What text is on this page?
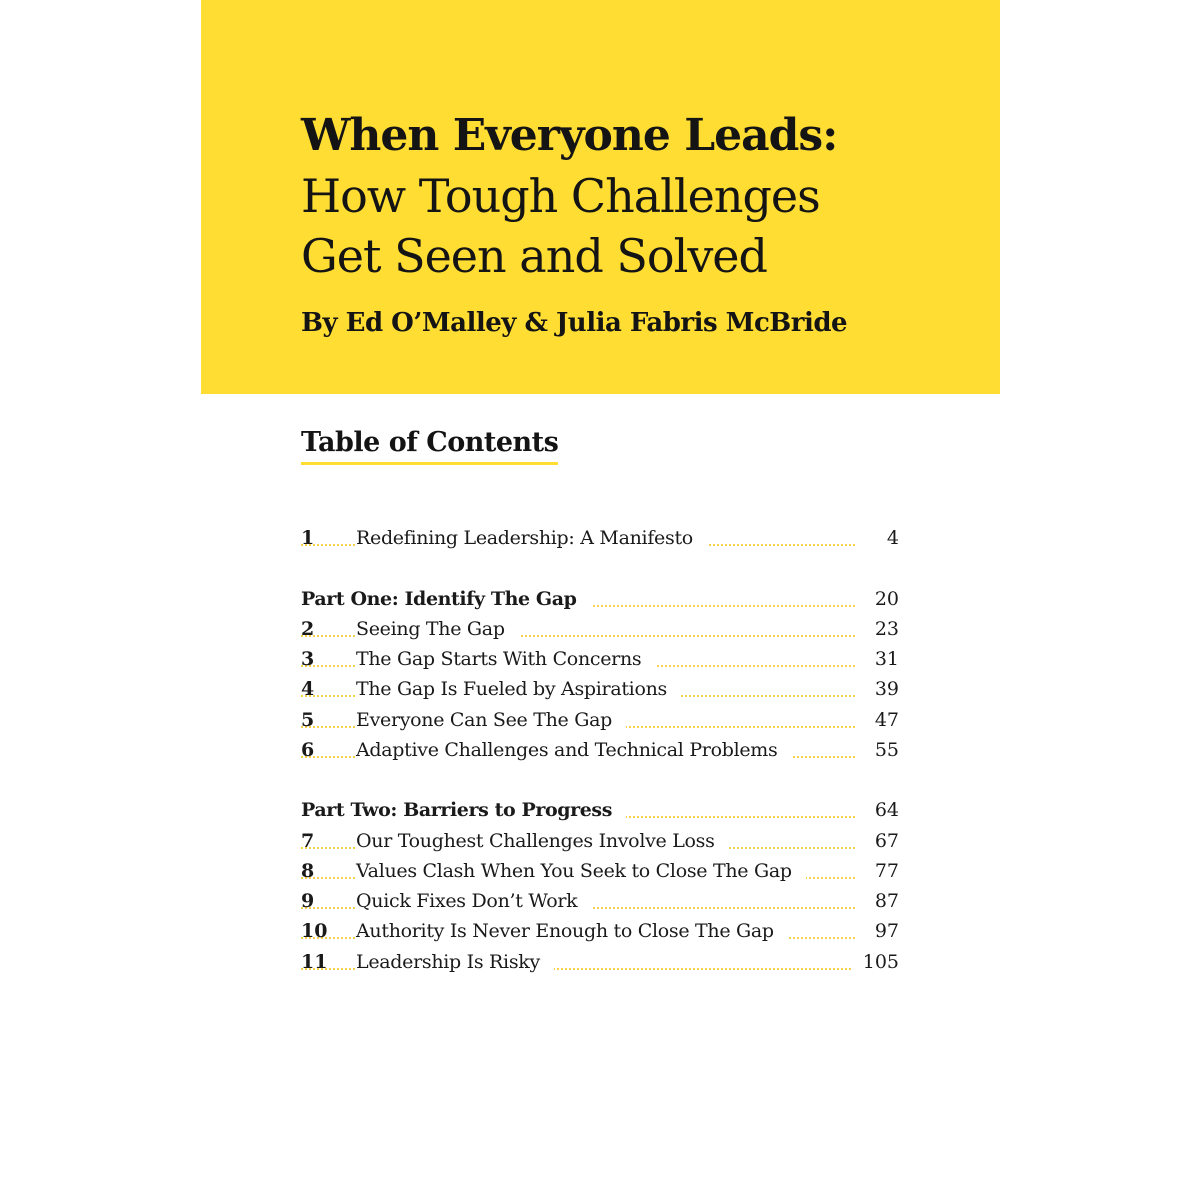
When Everyone Leads:
How Tough Challenges
Get Seen and Solved
By Ed O’Malley & Julia Fabris McBride
Table of Contents
1 Redefining Leadership: A Manifesto	4
Part One: Identify The Gap	20
2 Seeing The Gap	23
3 The Gap Starts With Concerns	31
4 The Gap Is Fueled by Aspirations	39
5 Everyone Can See The Gap	47
6 Adaptive Challenges and Technical Problems	55
Part Two: Barriers to Progress	64
7 Our Toughest Challenges Involve Loss	67
8 Values Clash When You Seek to Close The Gap	77
9 Quick Fixes Don’t Work	87
10 Authority Is Never Enough to Close The Gap	97
11 Leadership Is Risky	105
